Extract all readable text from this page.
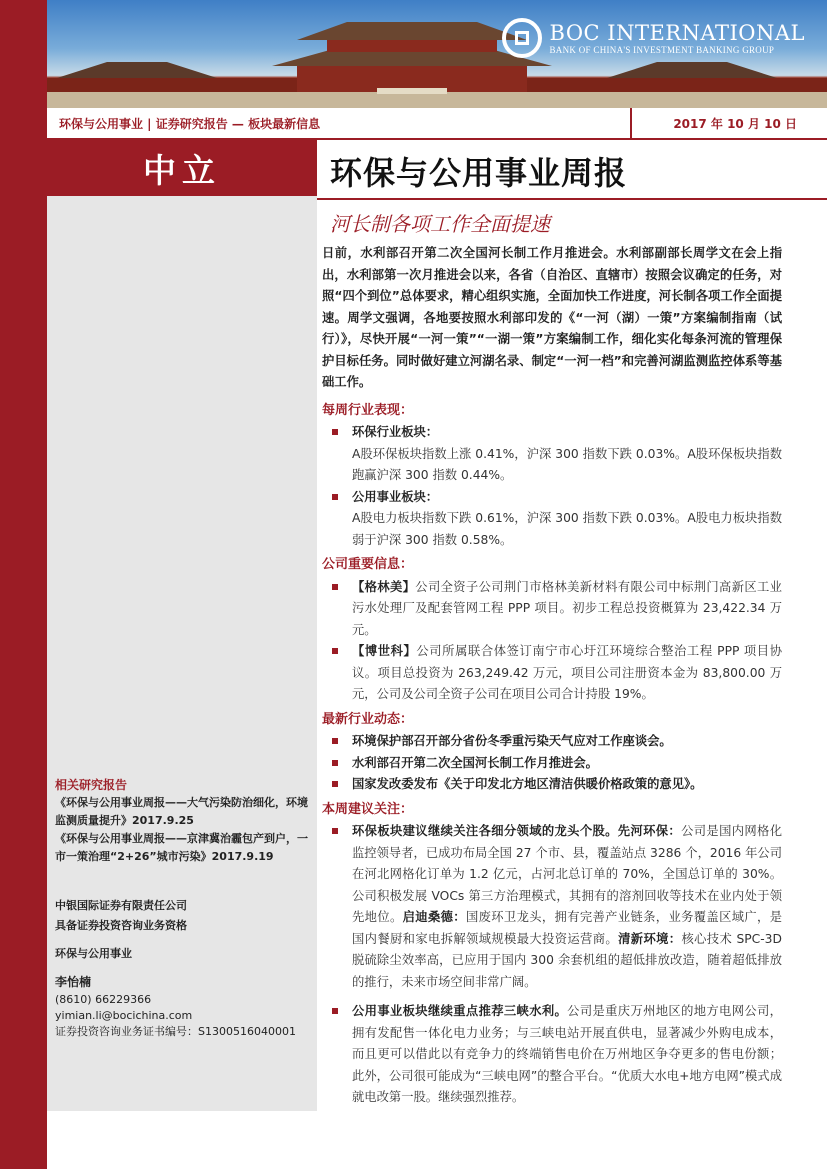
BOC INTERNATIONAL
BANK OF CHINA'S INVESTMENT BANKING GROUP
环保与公用事业 | 证券研究报告 — 板块最新信息	2017 年 10 月 10 日
中立	环保与公用事业周报
河长制各项工作全面提速

日前，水利部召开第二次全国河长制工作月推进会。水利部副部长周学文在会上指出，水利部第一次月推进会以来，各省（自治区、直辖市）按照会议确定的任务，对照“四个到位”总体要求，精心组织实施，全面加快工作进度，河长制各项工作全面提速。周学文强调，各地要按照水利部印发的《“一河（湖）一策”方案编制指南（试行）》，尽快开展“一河一策”“一湖一策”方案编制工作，细化实化每条河流的管理保护目标任务。同时做好建立河湖名录、制定“一河一档”和完善河湖监测监控体系等基础工作。

每周行业表现：
环保行业板块：
A股环保板块指数上涨 0.41%，沪深 300 指数下跌 0.03%。A股环保板块指数跑赢沪深 300 指数 0.44%。
公用事业板块：
A股电力板块指数下跌 0.61%，沪深 300 指数下跌 0.03%。A股电力板块指数弱于沪深 300 指数 0.58%。
公司重要信息：
【格林美】公司全资子公司荆门市格林美新材料有限公司中标荆门高新区工业污水处理厂及配套管网工程 PPP 项目。初步工程总投资概算为 23,422.34 万元。
【博世科】公司所属联合体签订南宁市心圩江环境综合整治工程 PPP 项目协议。项目总投资为 263,249.42 万元，项目公司注册资本金为 83,800.00 万元，公司及公司全资子公司在项目公司合计持股 19%。
最新行业动态：
环境保护部召开部分省份冬季重污染天气应对工作座谈会。
水利部召开第二次全国河长制工作月推进会。
国家发改委发布《关于印发北方地区清洁供暖价格政策的意见》。
本周建议关注：
环保板块建议继续关注各细分领域的龙头个股。先河环保：公司是国内网格化监控领导者，已成功布局全国 27 个市、县，覆盖站点 3286 个，2016 年公司在河北网格化订单为 1.2 亿元，占河北总订单的 70%，全国总订单的 30%。公司积极发展 VOCs 第三方治理模式，其拥有的溶剂回收等技术在业内处于领先地位。启迪桑德：国废环卫龙头，拥有完善产业链条，业务覆盖区域广，是国内餐厨和家电拆解领域规模最大投资运营商。清新环境：核心技术 SPC-3D 脱硫除尘效率高，已应用于国内 300 余套机组的超低排放改造，随着超低排放的推行，未来市场空间非常广阔。
公用事业板块继续重点推荐三峡水利。公司是重庆万州地区的地方电网公司，拥有发配售一体化电力业务；与三峡电站开展直供电，显著减少外购电成本，而且更可以借此以有竞争力的终端销售电价在万州地区争夺更多的售电份额；此外，公司很可能成为“三峡电网”的整合平台。“优质大水电+地方电网”模式成就电改第一股。继续强烈推荐。
相关研究报告
《环保与公用事业周报——大气污染防治细化，环境监测质量提升》2017.9.25
《环保与公用事业周报——京津冀治霾包产到户，一市一策治理“2+26”城市污染》2017.9.19
中银国际证券有限责任公司
具备证券投资咨询业务资格
环保与公用事业
李怡楠
(8610) 66229366
yimian.li@bocichina.com
证券投资咨询业务证书编号：S1300516040001
